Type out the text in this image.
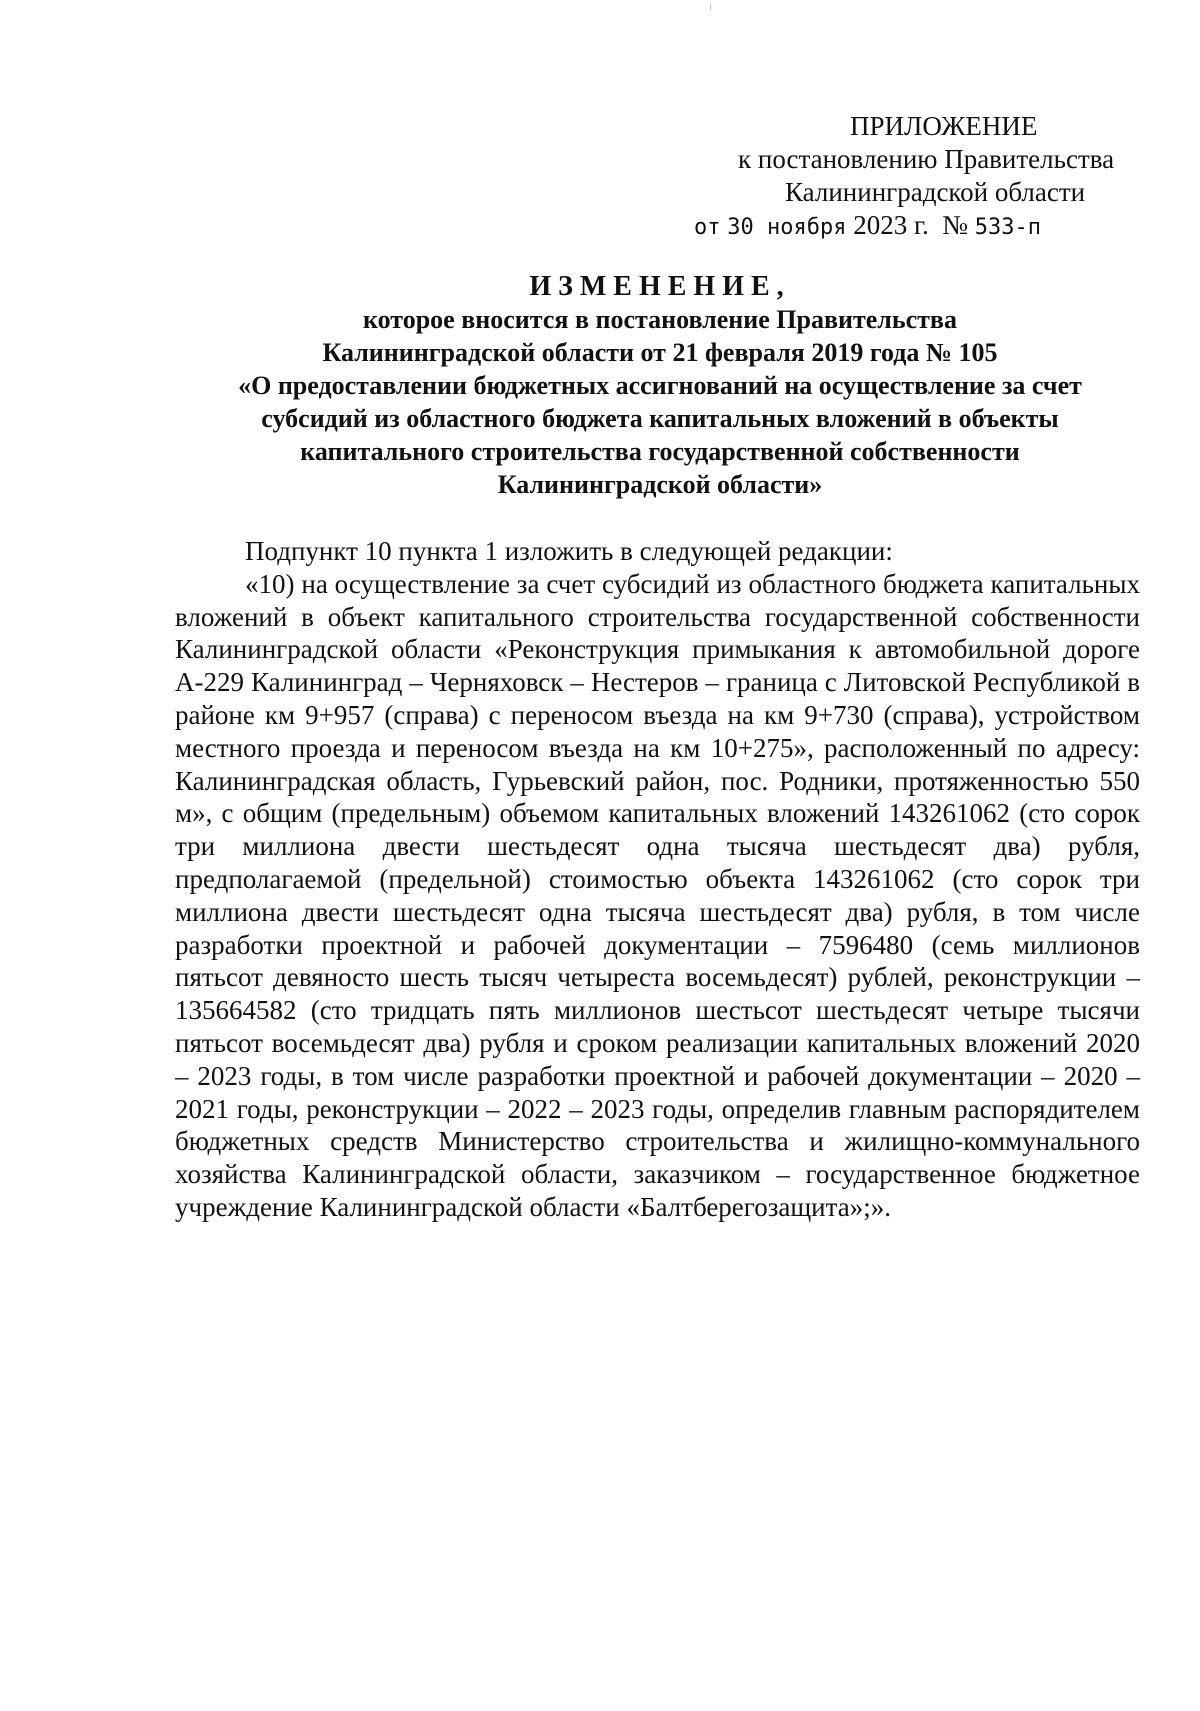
ПРИЛОЖЕНИЕ
к постановлению Правительства
Калининградской области
от 30 ноября 2023 г. № 533-п
ИЗМЕНЕНИЕ,
которое вносится в постановление Правительства
Калининградской области от 21 февраля 2019 года № 105
«О предоставлении бюджетных ассигнований на осуществление за счет
субсидий из областного бюджета капитальных вложений в объекты
капитального строительства государственной собственности
Калининградской области»

Подпункт 10 пункта 1 изложить в следующей редакции:

«10) на осуществление за счет субсидий из областного бюджета капитальных вложений в объект капитального строительства государственной собственности Калининградской области «Реконструкция примыкания к автомобильной дороге А-229 Калининград – Черняховск – Нестеров – граница с Литовской Республикой в районе км 9+957 (справа) с переносом въезда на км 9+730 (справа), устройством местного проезда и переносом въезда на км 10+275», расположенный по адресу: Калининградская область, Гурьевский район, пос. Родники, протяженностью 550 м», с общим (предельным) объемом капитальных вложений 143261062 (сто сорок три миллиона двести шестьдесят одна тысяча шестьдесят два) рубля, предполагаемой (предельной) стоимостью объекта 143261062 (сто сорок три миллиона двести шестьдесят одна тысяча шестьдесят два) рубля, в том числе разработки проектной и рабочей документации – 7596480 (семь миллионов пятьсот девяносто шесть тысяч четыреста восемьдесят) рублей, реконструкции – 135664582 (сто тридцать пять миллионов шестьсот шестьдесят четыре тысячи пятьсот восемьдесят два) рубля и сроком реализации капитальных вложений 2020 – 2023 годы, в том числе разработки проектной и рабочей документации – 2020 – 2021 годы, реконструкции – 2022 – 2023 годы, определив главным распорядителем бюджетных средств Министерство строительства и жилищно-коммунального хозяйства Калининградской области, заказчиком – государственное бюджетное учреждение Калининградской области «Балтберегозащита»;».
